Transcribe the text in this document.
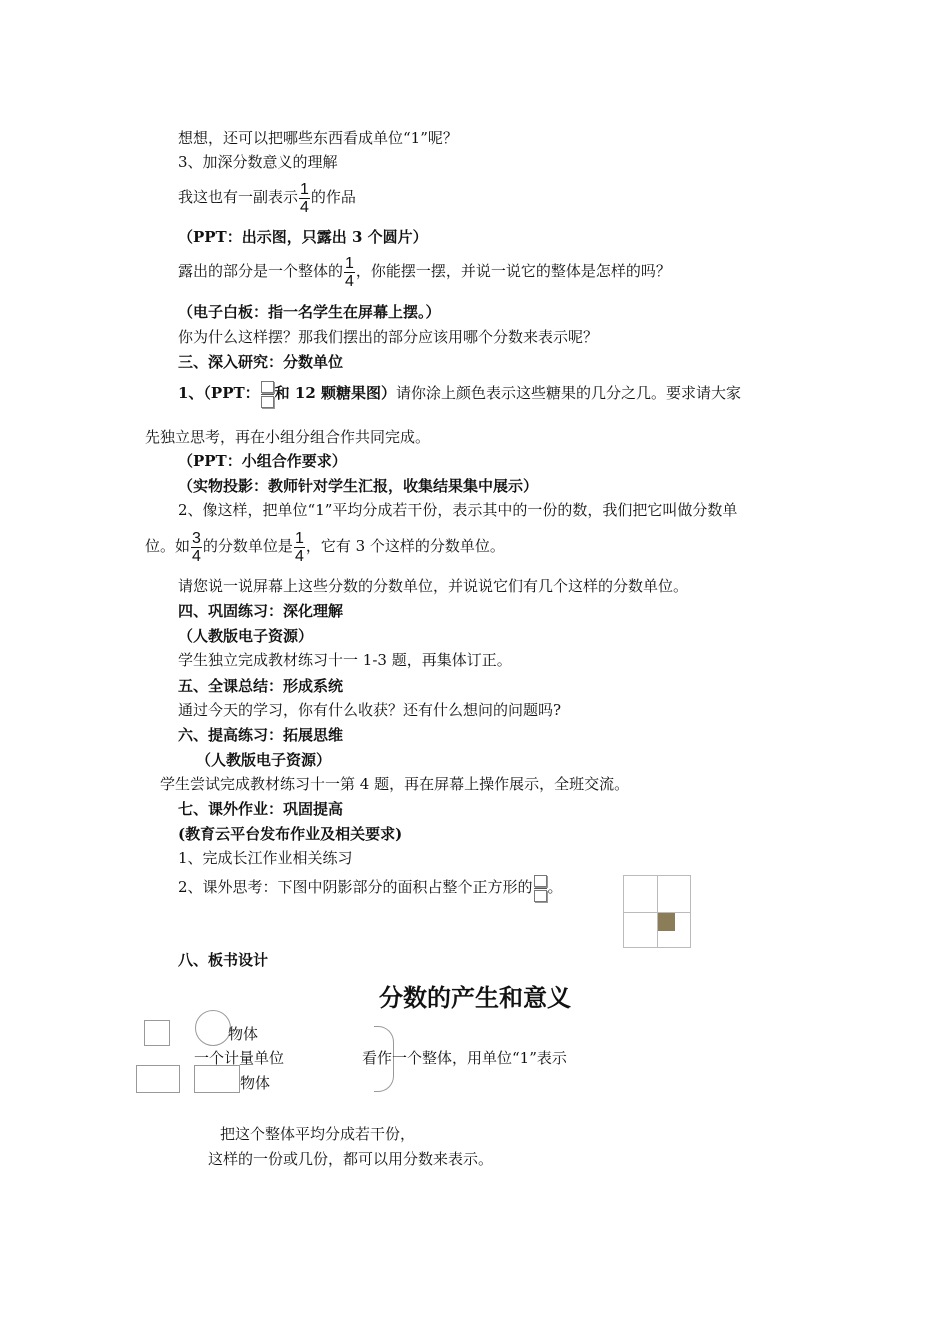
想想，还可以把哪些东西看成单位“1”呢？
3、加深分数意义的理解
我这也有一副表示 $\frac{1}{4}$ 的作品
（PPT：出示图，只露出 3 个圆片）
露出的部分是一个整体的 $\frac{1}{4}$ ，你能摆一摆，并说一说它的整体是怎样的吗？
（电子白板：指一名学生在屏幕上摆。）
你为什么这样摆？那我们摆出的部分应该用哪个分数来表示呢？
三、深入研究：分数单位
1、（PPT： 和 12 颗糖果图）请你涂上颜色表示这些糖果的几分之几。要求请大家
先独立思考，再在小组分组合作共同完成。
（PPT：小组合作要求）
（实物投影：教师针对学生汇报，收集结果集中展示）
2、像这样，把单位“1”平均分成若干份，表示其中的一份的数，我们把它叫做分数单
位。如 $\frac{3}{4}$ 的分数单位是 $\frac{1}{4}$ ，它有 3 个这样的分数单位。
请您说一说屏幕上这些分数的分数单位，并说说它们有几个这样的分数单位。
四、巩固练习：深化理解
（人教版电子资源）
学生独立完成教材练习十一 1-3 题，再集体订正。
五、全课总结：形成系统
通过今天的学习，你有什么收获？还有什么想问的问题吗?
六、提高练习：拓展思维
（人教版电子资源）
学生尝试完成教材练习十一第 4 题，再在屏幕上操作展示，全班交流。
七、课外作业：巩固提高
(教育云平台发布作业及相关要求)
1、完成长江作业相关练习
2、课外思考：下图中阴影部分的面积占整个正方形的 。
八、板书设计
分数的产生和意义
物体
一个计量单位
物体
看作一个整体，用单位“1”表示
把这个整体平均分成若干份，
这样的一份或几份，都可以用分数来表示。
